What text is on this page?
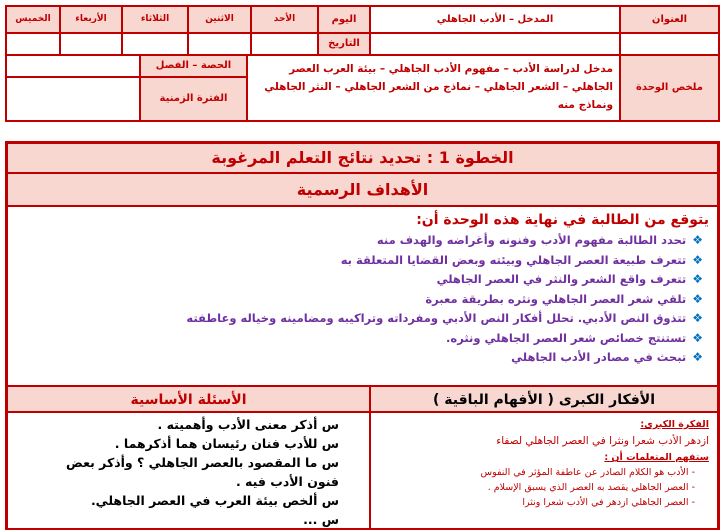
العنوان
المدخل – الأدب الجاهلي
اليوم
الأحد
الاثنين
الثلاثاء
الأربعاء
الخميس
التاريخ
ملخص الوحدة
مدخل لدراسة الأدب – مفهوم الأدب الجاهلي – بيئة العرب العصر الجاهلي – الشعر الجاهلي – نماذج من الشعر الجاهلي – النثر الجاهلي ونماذج منه
الحصة – الفصل
الفترة الزمنية
الخطوة 1 : تحديد نتائج التعلم المرغوبة
الأهداف الرسمية
يتوقع من الطالبة في نهاية هذه الوحدة أن:
❖تحدد الطالبة مفهوم الأدب وفنونه وأغراضه والهدف منه
❖تتعرف طبيعة العصر الجاهلي وبيئته وبعض القضايا المتعلقة به
❖تتعرف واقع الشعر والنثر في العصر الجاهلي
❖تلقي شعر العصر الجاهلي ونثره بطريقة معبرة
❖تتذوق النص الأدبي. تحلل أفكار النص الأدبي ومفرداته وتراكيبه ومضامينه وخياله وعاطفته
❖تستنتج خصائص شعر العصر الجاهلي ونثره.
❖تبحث في مصادر الأدب الجاهلي
الأفكار الكبرى ( الأفهام الباقية )
الأسئلة الأساسية
الفكرة الكبرى:
ازدهر الأدب شعرا ونثرا في العصر الجاهلي لصفاء
ستفهم المتعلمات أن :
- الأدب هو الكلام الصادر عن عاطفة المؤثر في النفوس
- العصر الجاهلي يقصد به العصر الذي يسبق الإسلام .
- العصر الجاهلي ازدهر في الأدب شعرا ونثرا

س أذكر معنى الأدب وأهميته .

س للأدب فنان رئيسان هما أذكرهما .

س ما المقصود بالعصر الجاهلي ؟ وأذكر بعض فنون الأدب فيه .

س ألخص بيئة العرب في العصر الجاهلي.

س ...
